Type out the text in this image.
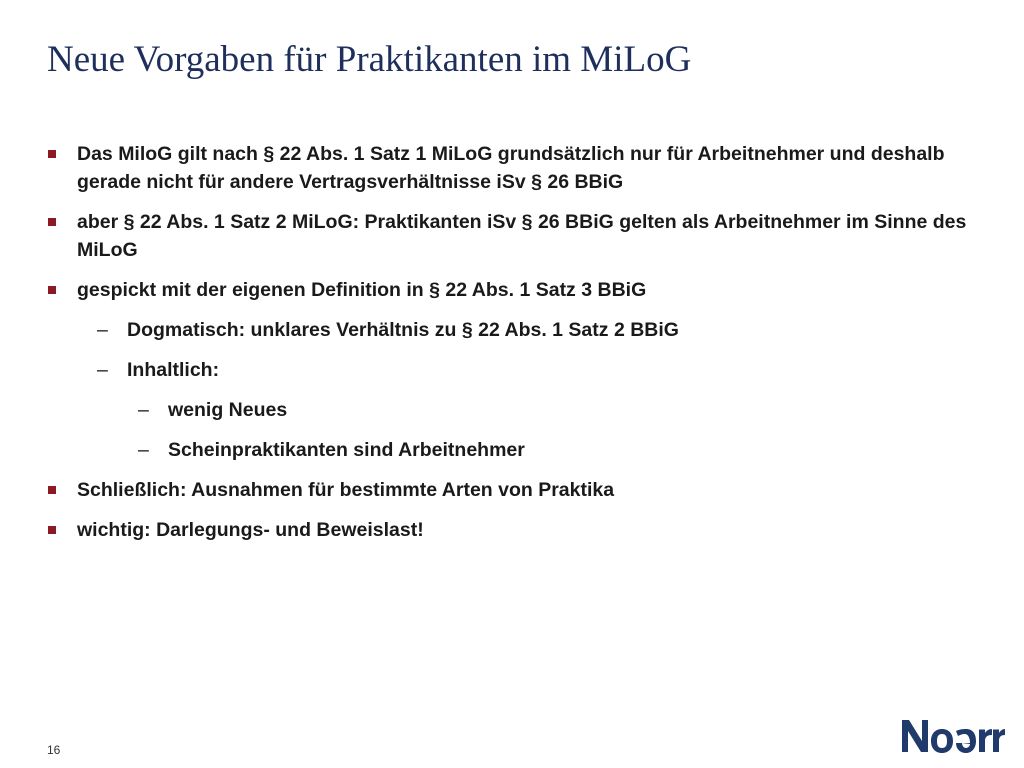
Neue Vorgaben für Praktikanten im MiLoG
Das MiloG gilt nach § 22 Abs. 1 Satz 1 MiLoG grundsätzlich nur für Arbeitnehmer und deshalb gerade nicht für andere Vertragsverhältnisse iSv § 26 BBiG
aber § 22 Abs. 1 Satz 2 MiLoG: Praktikanten iSv § 26 BBiG gelten als Arbeitnehmer im Sinne des MiLoG
gespickt mit der eigenen Definition in § 22 Abs. 1 Satz 3 BBiG
– Dogmatisch: unklares Verhältnis zu § 22 Abs. 1 Satz 2 BBiG
– Inhaltlich:
– wenig Neues
– Scheinpraktikanten sind Arbeitnehmer
Schließlich: Ausnahmen für bestimmte Arten von Praktika
wichtig: Darlegungs- und Beweislast!
16
